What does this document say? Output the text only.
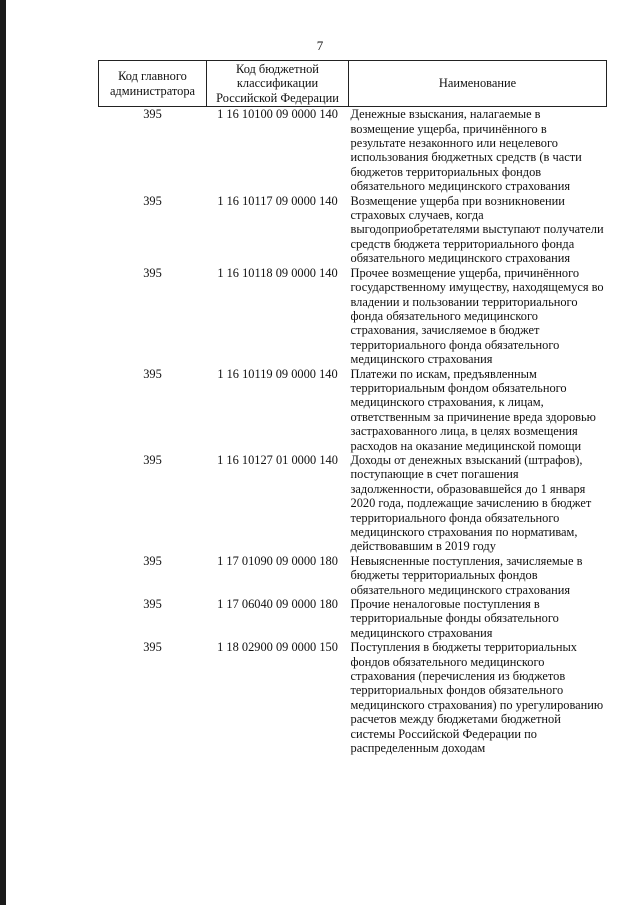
7
Код главного администратора	Код бюджетной классификации Российской Федерации	Наименование
395	1 16 10100 09 0000 140	Денежные взыскания, налагаемые в возмещение ущерба, причинённого в результате незаконного или нецелевого использования бюджетных средств (в части бюджетов территориальных фондов обязательного медицинского страхования
395	1 16 10117 09 0000 140	Возмещение ущерба при возникновении страховых случаев, когда выгодоприобретателями выступают получатели средств бюджета территориального фонда обязательного медицинского страхования
395	1 16 10118 09 0000 140	Прочее возмещение ущерба, причинённого государственному имуществу, находящемуся во владении и пользовании территориального фонда обязательного медицинского страхования, зачисляемое в бюджет территориального фонда обязательного медицинского страхования
395	1 16 10119 09 0000 140	Платежи по искам, предъявленным территориальным фондом обязательного медицинского страхования, к лицам, ответственным за причинение вреда здоровью застрахованного лица, в целях возмещения расходов на оказание медицинской помощи
395	1 16 10127 01 0000 140	Доходы от денежных взысканий (штрафов), поступающие в счет погашения задолженности, образовавшейся до 1 января 2020 года, подлежащие зачислению в бюджет территориального фонда обязательного медицинского страхования по нормативам, действовавшим в 2019 году
395	1 17 01090 09 0000 180	Невыясненные поступления, зачисляемые в бюджеты территориальных фондов обязательного медицинского страхования
395	1 17 06040 09 0000 180	Прочие неналоговые поступления в территориальные фонды обязательного медицинского страхования
395	1 18 02900 09 0000 150	Поступления в бюджеты территориальных фондов обязательного медицинского страхования (перечисления из бюджетов территориальных фондов обязательного медицинского страхования) по урегулированию расчетов между бюджетами бюджетной системы Российской Федерации по распределенным доходам
